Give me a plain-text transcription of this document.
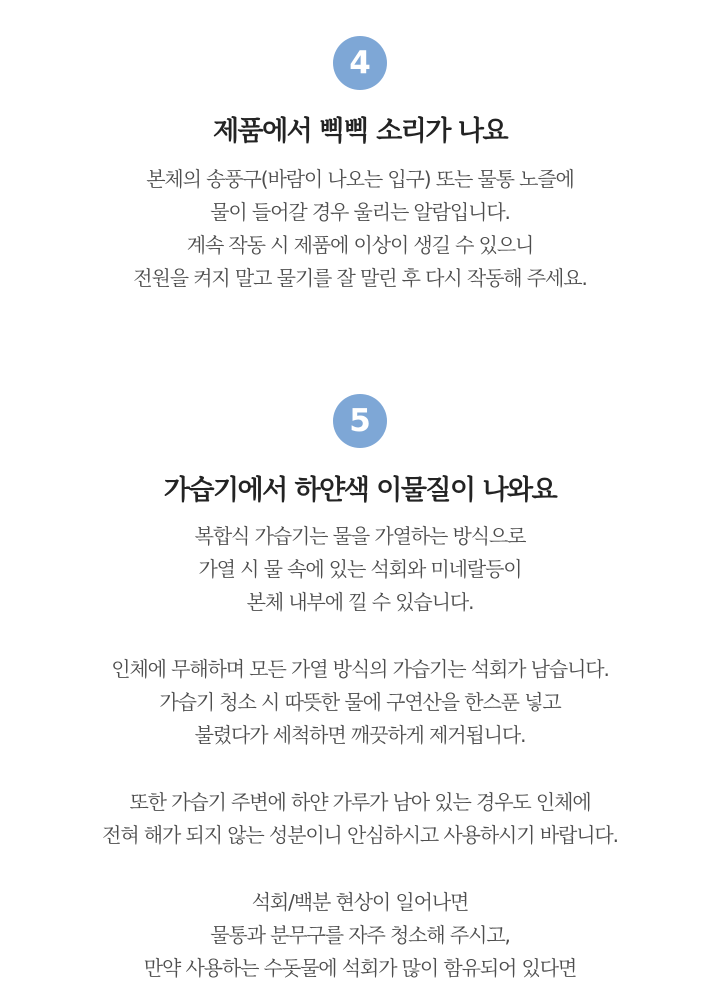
4
제품에서 삑삑 소리가 나요

본체의 송풍구(바람이 나오는 입구) 또는 물통 노즐에
물이 들어갈 경우 울리는 알람입니다.
계속 작동 시 제품에 이상이 생길 수 있으니
전원을 켜지 말고 물기를 잘 말린 후 다시 작동해 주세요.

5
가습기에서 하얀색 이물질이 나와요
복합식 가습기는 물을 가열하는 방식으로
가열 시 물 속에 있는 석회와 미네랄등이
본체 내부에 낄 수 있습니다.
인체에 무해하며 모든 가열 방식의 가습기는 석회가 남습니다.
가습기 청소 시 따뜻한 물에 구연산을 한스푼 넣고
불렸다가 세척하면 깨끗하게 제거됩니다.
또한 가습기 주변에 하얀 가루가 남아 있는 경우도 인체에
전혀 해가 되지 않는 성분이니 안심하시고 사용하시기 바랍니다.
석회/백분 현상이 일어나면
물통과 분무구를 자주 청소해 주시고,
만약 사용하는 수돗물에 석회가 많이 함유되어 있다면
